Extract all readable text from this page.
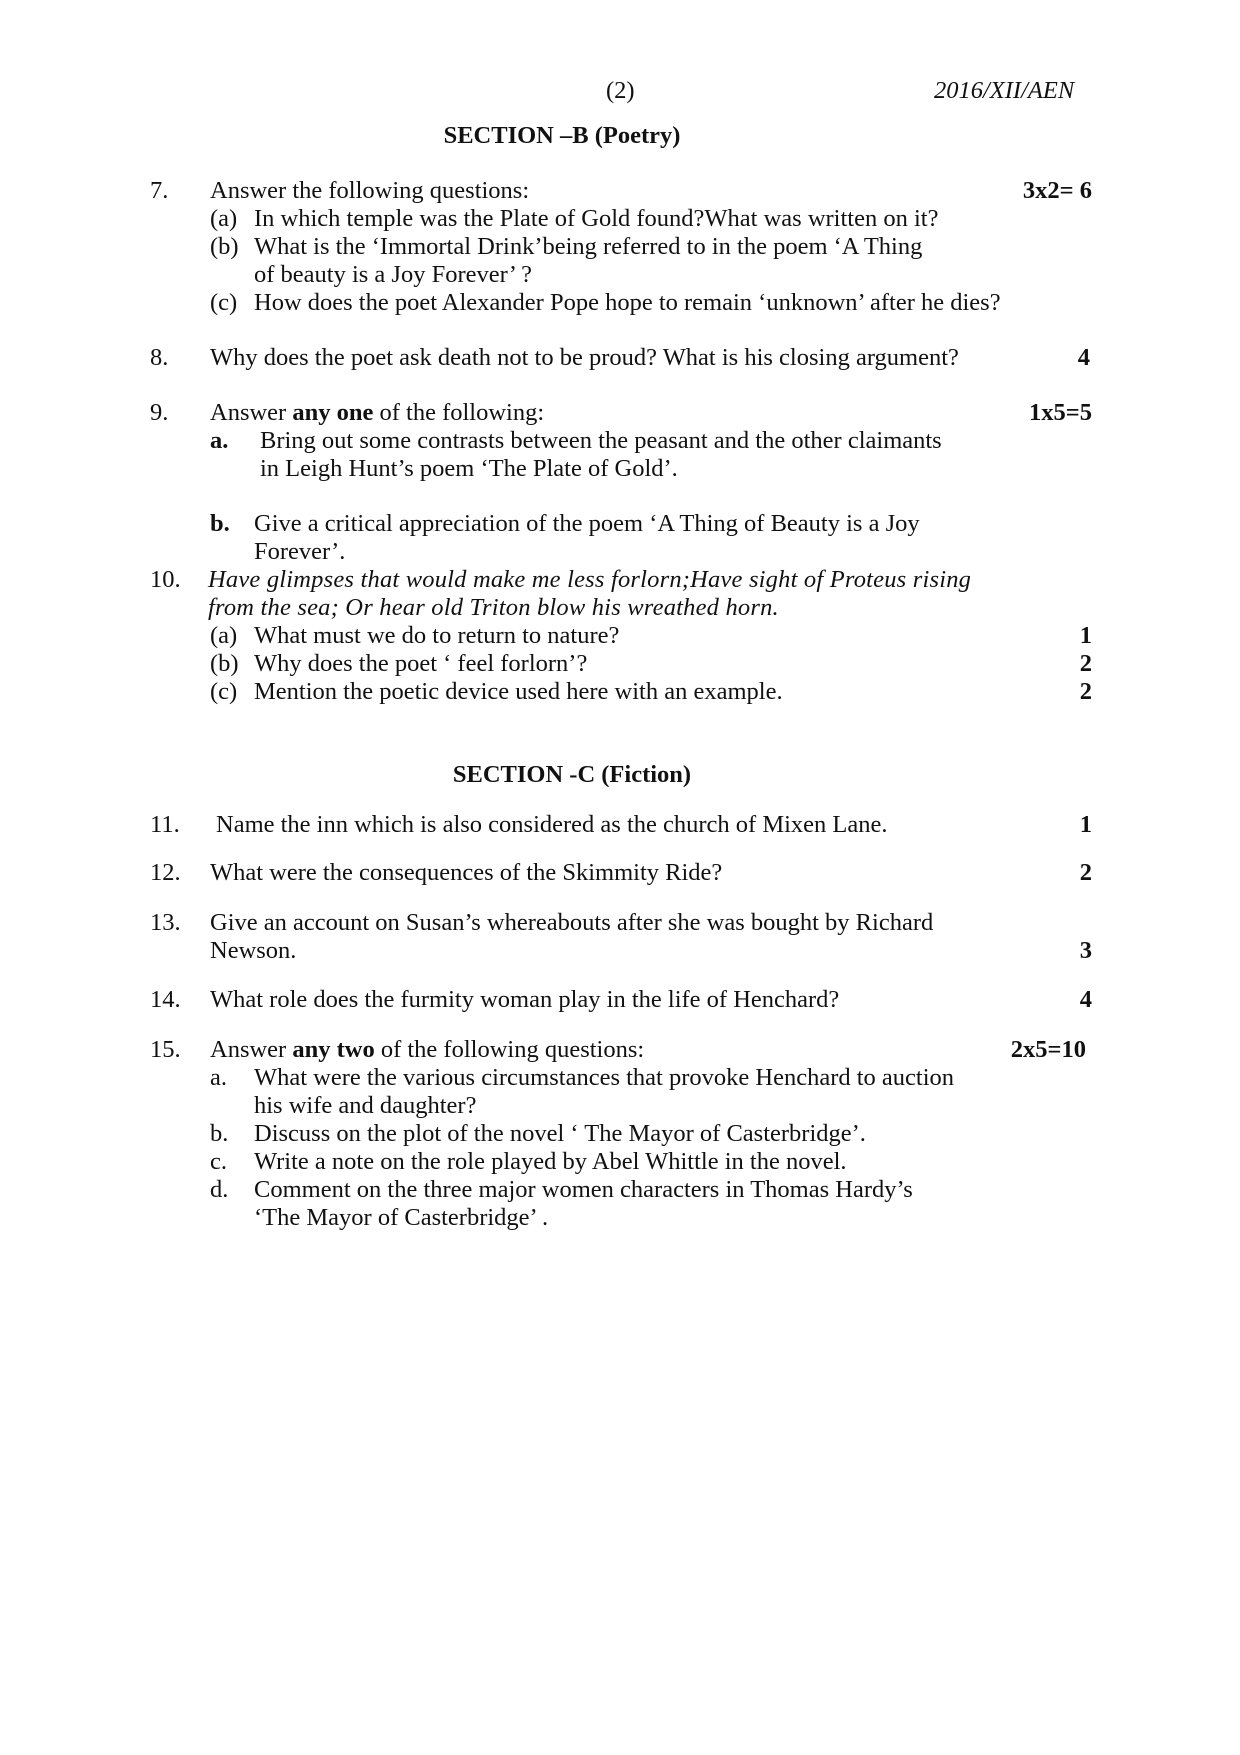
(2)	2016/XII/AEN
SECTION –B (Poetry)
7. Answer the following questions:	3x2= 6
(a) In which temple was the Plate of Gold found?What was written on it?
(b) What is the ‘Immortal Drink’being referred to in the poem ‘A Thing
of beauty is a Joy Forever’ ?
(c) How does the poet Alexander Pope hope to remain ‘unknown’ after he dies?
8. Why does the poet ask death not to be proud? What is his closing argument?	4
9. Answer any one of the following:	1x5=5
a. Bring out some contrasts between the peasant and the other claimants
in Leigh Hunt’s poem ‘The Plate of Gold’.
b. Give a critical appreciation of the poem ‘A Thing of Beauty is a Joy
Forever’.
10. Have glimpses that would make me less forlorn;Have sight of Proteus rising
from the sea; Or hear old Triton blow his wreathed horn.
(a) What must we do to return to nature?	1
(b) Why does the poet ‘ feel forlorn’?	2
(c) Mention the poetic device used here with an example.	2
SECTION -C (Fiction)
11. Name the inn which is also considered as the church of Mixen Lane.	1
12. What were the consequences of the Skimmity Ride?	2
13. Give an account on Susan’s whereabouts after she was bought by Richard
Newson.	3
14. What role does the furmity woman play in the life of Henchard?	4
15. Answer any two of the following questions:	2x5=10
a. What were the various circumstances that provoke Henchard to auction
his wife and daughter?
b. Discuss on the plot of the novel ‘ The Mayor of Casterbridge’.
c. Write a note on the role played by Abel Whittle in the novel.
d. Comment on the three major women characters in Thomas Hardy’s
‘The Mayor of Casterbridge’ .
